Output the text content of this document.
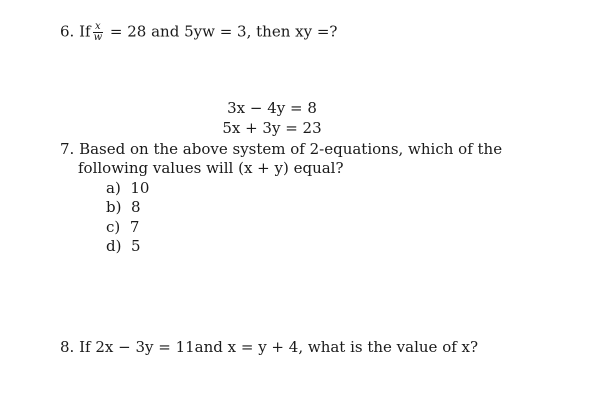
6. If $\frac{x}{w} = 28$ and 5yw = 3, then xy =?
3x − 4y = 8
5x + 3y = 23
7. Based on the above system of 2-equations, which of the
following values will (x + y) equal?
a) 10
b) 8
c) 7
d) 5
8. If 2x − 3y = 11and x = y + 4, what is the value of x?
